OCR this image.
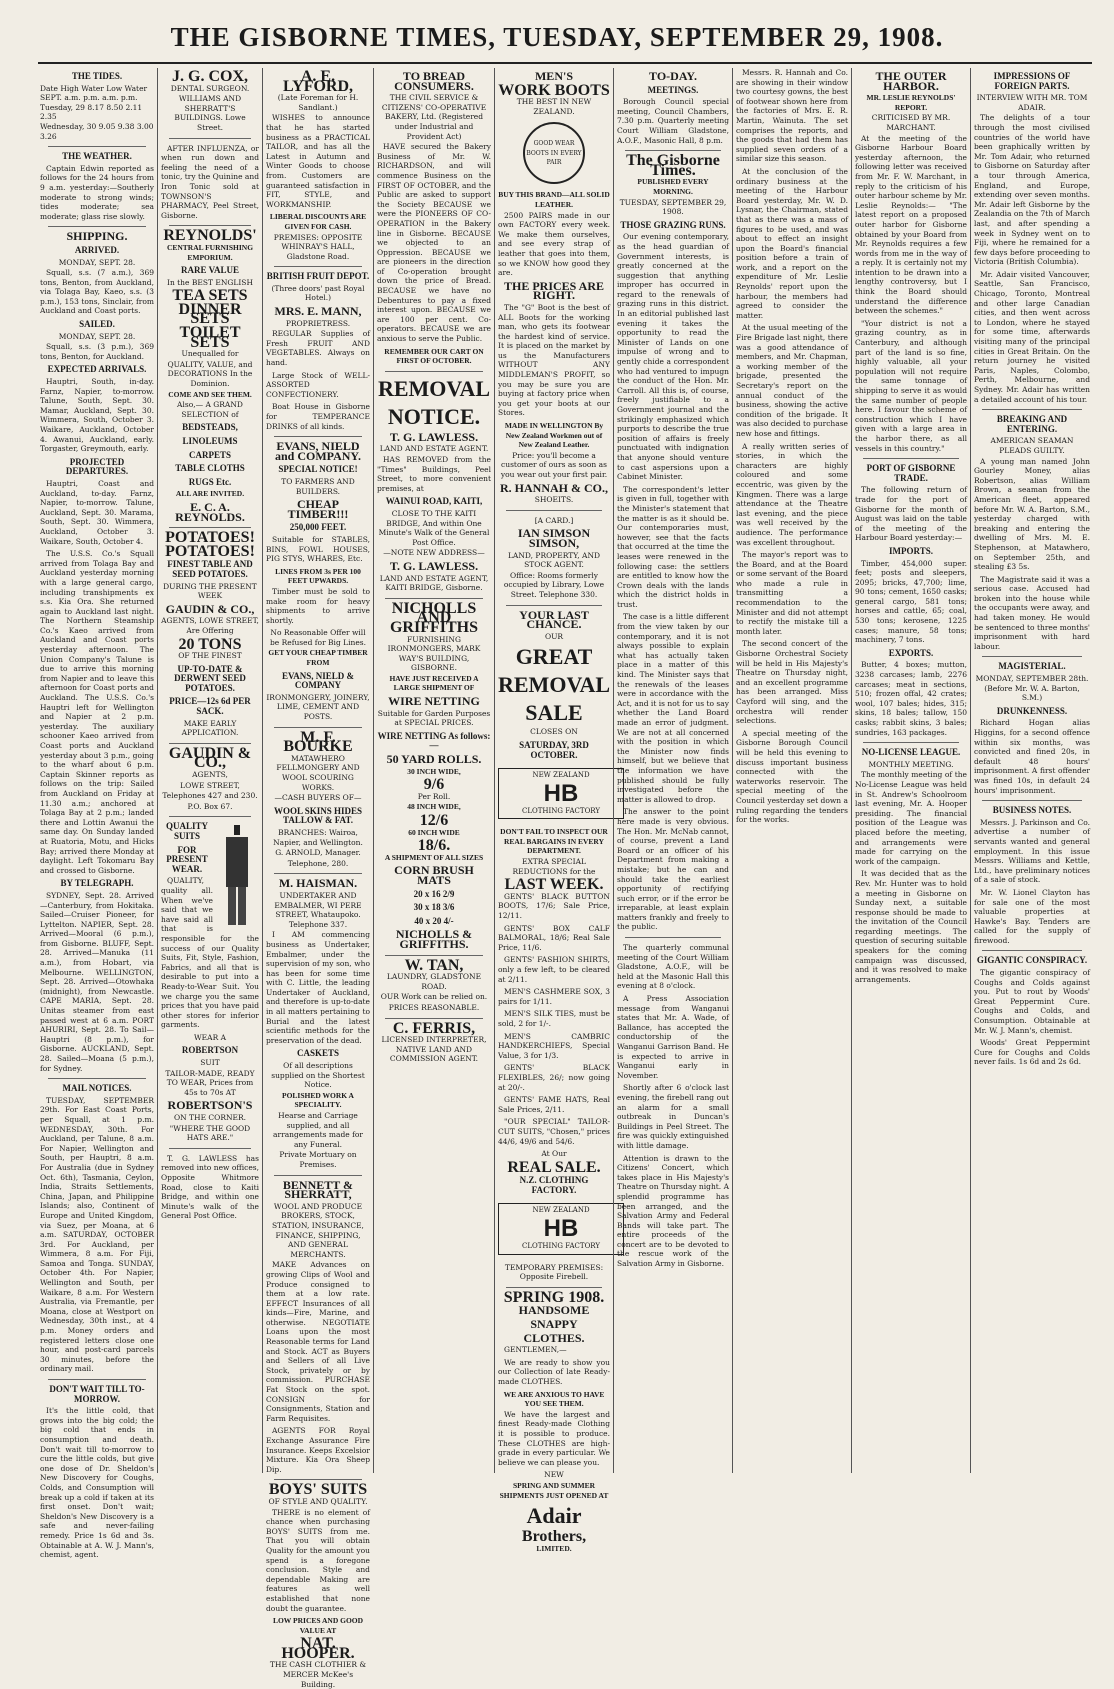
THE GISBORNE TIMES, TUESDAY, SEPTEMBER 29, 1908.
THE TIDES.
Date High Water Low Water
SEPT. a.m. p.m. a.m. p.m.
Tuesday, 29 8.17 8.50 2.11 2.35
Wednesday, 30 9.05 9.38 3.00 3.26
THE WEATHER.
Captain Edwin reported as follows for the 24 hours from 9 a.m. yesterday:—Southerly moderate to strong winds; tides moderate; sea moderate; glass rise slowly.
SHIPPING.
ARRIVED.
MONDAY, SEPT. 28.
Squall, s.s. (7 a.m.), 369 tons, Benton, from Auckland, via Tolaga Bay, Kaeo, s.s. (3 p.m.), 153 tons, Sinclair, from Auckland and Coast ports.
SAILED.
MONDAY, SEPT. 28.
Squall, s.s. (3 p.m.), 369 tons, Benton, for Auckland.
EXPECTED ARRIVALS.
Hauptri, South, in-day. Farnz, Napier, to-morrow. Talune, South, Sept. 30. Mamar, Auckland, Sept. 30. Wimmera, South, October 3. Waikare, Auckland, October 4. Awanui, Auckland, early. Torgaster, Greymouth, early.
PROJECTED DEPARTURES.
Hauptri, Coast and Auckland, to-day. Farnz, Napier, to-morrow. Talune, Auckland, Sept. 30. Marama, South, Sept. 30. Wimmera, Auckland, October 3. Waikare, South, October 4.
The U.S.S. Co.'s Squall arrived from Tolaga Bay and Auckland yesterday morning with a large general cargo, including transhipments ex s.s. Kia Ora. She returned again to Auckland last night. The Northern Steamship Co.'s Kaeo arrived from Auckland and Coast ports yesterday afternoon. The Union Company's Talune is due to arrive this morning from Napier and to leave this afternoon for Coast ports and Auckland. The U.S.S. Co.'s Hauptri left for Wellington and Napier at 2 p.m. yesterday. The auxiliary schooner Kaeo arrived from Coast ports and Auckland yesterday about 3 p.m., going to the wharf about 6 p.m. Captain Skinner reports as follows on the trip: Sailed from Auckland on Friday at 11.30 a.m.; anchored at Tolaga Bay at 2 p.m.; landed there and Lottin Awanui the same day. On Sunday landed at Ruatoria, Motu, and Hicks Bay; arrived there Monday at daylight. Left Tokomaru Bay and crossed to Gisborne.
BY TELEGRAPH.
SYDNEY, Sept. 28. Arrived—Canterbury, from Hokitaka. Sailed—Cruiser Pioneer, for Lyttelton. NAPIER, Sept. 28. Arrived—Mooral (6 p.m.), from Gisborne. BLUFF, Sept. 28. Arrived—Manuka (11 a.m.), from Hobart, via Melbourne. WELLINGTON, Sept. 28. Arrived—Otowhaka (midnight), from Newcastle. CAPE MARIA, Sept. 28. Unitas steamer from east passed west at 6 a.m. PORT AHURIRI, Sept. 28. To Sail—Hauptri (8 p.m.), for Gisborne. AUCKLAND, Sept. 28. Sailed—Moana (5 p.m.), for Sydney.
MAIL NOTICES.
TUESDAY, SEPTEMBER 29th. For East Coast Ports, per Squall, at 1 p.m. WEDNESDAY, 30th. For Auckland, per Talune, 8 a.m. For Napier, Wellington and South, per Hauptri, 8 a.m. For Australia (due in Sydney Oct. 6th), Tasmania, Ceylon, India, Straits Settlements, China, Japan, and Philippine Islands; also, Continent of Europe and United Kingdom, via Suez, per Moana, at 6 a.m. SATURDAY, OCTOBER 3rd. For Auckland, per Wimmera, 8 a.m. For Fiji, Samoa and Tonga. SUNDAY, October 4th. For Napier, Wellington and South, per Waikare, 8 a.m. For Western Australia, via Fremantle, per Moana, close at Westport on Wednesday, 30th inst., at 4 p.m. Money orders and registered letters close one hour, and post-card parcels 30 minutes, before the ordinary mail.
DON'T WAIT TILL TO-MORROW.
It's the little cold, that grows into the big cold; the big cold that ends in consumption and death. Don't wait till to-morrow to cure the little colds, but give one dose of Dr. Sheldon's New Discovery for Coughs, Colds, and Consumption will break up a cold if taken at its first onset. Don't wait; Sheldon's New Discovery is a safe and never-failing remedy. Price 1s 6d and 3s. Obtainable at A. W. J. Mann's, chemist, agent.
J. G. COX,
DENTAL SURGEON.
WILLIAMS AND SHERRATT'S BUILDINGS. Lowe Street.
AFTER INFLUENZA, or when run down and feeling the need of a tonic, try the Quinine and Iron Tonic sold at TOWNSON'S PHARMACY, Peel Street, Gisborne.
REYNOLDS'
CENTRAL FURNISHING EMPORIUM.
RARE VALUE
In the BEST ENGLISH
TEA SETS
DINNER SETS
TOILET SETS
Unequalled for
QUALITY, VALUE, and DECORATIONS In the Dominion.
COME AND SEE THEM.
Also,— A GRAND SELECTION of
BEDSTEADS,
LINOLEUMS
CARPETS
TABLE CLOTHS
RUGS Etc.
ALL ARE INVITED.
E. C. A. REYNOLDS.
POTATOES!
POTATOES!
FINEST TABLE AND SEED POTATOES.
DURING THE PRESENT WEEK
GAUDIN & CO.,
AGENTS, LOWE STREET, Are Offering
20 TONS
OF THE FINEST
UP-TO-DATE & DERWENT SEED POTATOES.
PRICE—12s 6d PER SACK.
MAKE EARLY APPLICATION.
GAUDIN & CO.,
AGENTS,
LOWE STREET,
Telephones 427 and 230.
P.O. Box 67.
QUALITY SUITS
FOR PRESENT WEAR.
QUALITY, quality all. When we've said that we have said all that is responsible for the success of our Quality Suits, Fit, Style, Fashion, Fabrics, and all that is desirable to put into a Ready-to-Wear Suit. You we charge you the same prices that you have paid other stores for inferior garments.
WEAR A
ROBERTSON
SUIT
TAILOR-MADE, READY TO WEAR, Prices from 45s to 70s AT
ROBERTSON'S
ON THE CORNER.
"WHERE THE GOOD HATS ARE."
T. G. LAWLESS has removed into new offices, Opposite Whitmore Road, close to Kaiti Bridge, and within one Minute's walk of the General Post Office.
A. E. LYFORD,
(Late Foreman for H. Sandlant.)
WISHES to announce that he has started business as a PRACTICAL TAILOR, and has all the Latest in Autumn and Winter Goods to choose from. Customers are guaranteed satisfaction in FIT, STYLE, and WORKMANSHIP.
LIBERAL DISCOUNTS ARE GIVEN FOR CASH.
PREMISES: OPPOSITE WHINRAY'S HALL, Gladstone Road.
BRITISH FRUIT DEPOT.
(Three doors' past Royal Hotel.)
MRS. E. MANN,
PROPRIETRESS.
REGULAR Supplies of Fresh FRUIT AND VEGETABLES. Always on hand.
Large Stock of WELL-ASSORTED CONFECTIONERY.
Boat House in Gisborne for TEMPERANCE DRINKS of all kinds.
EVANS, NIELD and COMPANY.
SPECIAL NOTICE!
TO FARMERS AND BUILDERS.
CHEAP TIMBER!!!
250,000 FEET.
Suitable for STABLES, BINS, FOWL HOUSES, PIG STYS, WHARES, Etc.
LINES FROM 3s PER 100 FEET UPWARDS.
Timber must be sold to make room for heavy shipments to arrive shortly.
No Reasonable Offer will be Refused for Big Lines.
GET YOUR CHEAP TIMBER FROM
EVANS, NIELD & COMPANY
IRONMONGERY, JOINERY, LIME, CEMENT AND POSTS.
M. F. BOURKE
MATAWHERO FELLMONGERY AND WOOL SCOURING WORKS.
—CASH BUYERS OF—
WOOL SKINS HIDES TALLOW & FAT.
BRANCHES: Wairoa, Napier, and Wellington.
G. ARNOLD, Manager.
Telephone, 280.
M. HAISMAN.
UNDERTAKER AND EMBALMER, WI PERE STREET, Whataupoko. Telephone 337.
I AM commencing business as Undertaker, Embalmer, under the supervision of my son, who has been for some time with C. Little, the leading Undertaker of Auckland, and therefore is up-to-date in all matters pertaining to Burial and the latest scientific methods for the preservation of the dead.
CASKETS
Of all descriptions supplied on the Shortest Notice.
POLISHED WORK A SPECIALITY.
Hearse and Carriage supplied, and all arrangements made for any Funeral.
Private Mortuary on Premises.
BENNETT & SHERRATT,
WOOL AND PRODUCE BROKERS, STOCK, STATION, INSURANCE, FINANCE, SHIPPING, AND GENERAL MERCHANTS.
MAKE Advances on growing Clips of Wool and Produce consigned to them at a low rate. EFFECT Insurances of all kinds—Fire, Marine, and otherwise. NEGOTIATE Loans upon the most Reasonable terms for Land and Stock. ACT as Buyers and Sellers of all Live Stock, privately or by commission. PURCHASE Fat Stock on the spot. CONSIGN for Consignments, Station and Farm Requisites.
AGENTS FOR Royal Exchange Assurance Fire Insurance. Keeps Excelsior Mixture. Kia Ora Sheep Dip.
BOYS' SUITS
OF STYLE AND QUALITY.
THERE is no element of chance when purchasing BOYS' SUITS from me. That you will obtain Quality for the amount you spend is a foregone conclusion. Style and dependable Making are features as well established that none doubt the guarantee.
LOW PRICES AND GOOD VALUE AT
NAT. HOOPER.
THE CASH CLOTHIER & MERCER McKee's Building.
TO BREAD CONSUMERS.
THE CIVIL SERVICE & CITIZENS' CO-OPERATIVE BAKERY, Ltd. (Registered under Industrial and Provident Act)
HAVE secured the Bakery Business of Mr. W. RICHARDSON, and will commence Business on the FIRST OF OCTOBER, and the Public are asked to support the Society BECAUSE we were the PIONEERS OF CO-OPERATION in the Bakery line in Gisborne. BECAUSE we objected to an Oppression. BECAUSE we are pioneers in the direction of Co-operation brought down the price of Bread. BECAUSE we have no Debentures to pay a fixed interest upon. BECAUSE we are 100 per cent. Co-operators. BECAUSE we are anxious to serve the Public.
REMEMBER OUR CART ON FIRST OF OCTOBER.
REMOVAL
NOTICE.
T. G. LAWLESS.
LAND AND ESTATE AGENT.
HAS REMOVED from the "Times" Buildings, Peel Street, to more convenient premises, at
WAINUI ROAD, KAITI,
CLOSE TO THE KAITI BRIDGE, And within One Minute's Walk of the General Post Office.
—NOTE NEW ADDRESS—
T. G. LAWLESS.
LAND AND ESTATE AGENT, KAITI BRIDGE, Gisborne.
NICHOLLS AND GRIFFITHS
FURNISHING IRONMONGERS, MARK WAY'S BUILDING, GISBORNE.
HAVE JUST RECEIVED A LARGE SHIPMENT OF
WIRE NETTING
Suitable for Garden Purposes at SPECIAL PRICES.
WIRE NETTING As follows:—
50 YARD ROLLS.
30 INCH WIDE,
9/6
Per Roll.
48 INCH WIDE,
12/6
60 INCH WIDE
18/6.
A SHIPMENT OF ALL SIZES
CORN BRUSH MATS
20 x 16 2/9
30 x 18 3/6
40 x 20 4/-
NICHOLLS & GRIFFITHS.
W. TAN,
LAUNDRY, GLADSTONE ROAD.
OUR Work can be relied on.
PRICES REASONABLE.
C. FERRIS,
LICENSED INTERPRETER, NATIVE LAND AND COMMISSION AGENT.
MEN'S
WORK BOOTS
THE BEST IN NEW ZEALAND.
GOOD WEAR BOOTS IN EVERY PAIR
BUY THIS BRAND—ALL SOLID LEATHER.
2500 PAIRS made in our own FACTORY every week. We make them ourselves, and see every strap of leather that goes into them, so we KNOW how good they are.
THE PRICES ARE RIGHT.
The "G" Boot is the best of ALL Boots for the working man, who gets its footwear the hardest kind of service. It is placed on the market by us the Manufacturers WITHOUT ANY MIDDLEMAN'S PROFIT, so you may be sure you are buying at factory price when you get your boots at our Stores.
MADE IN WELLINGTON By New Zealand Workmen out of New Zealand Leather.
Price: you'll become a customer of ours as soon as you wear out your first pair.
R. HANNAH & CO.,
SHOEITS.
[A CARD.]
IAN SIMSON SIMSON,
LAND, PROPERTY, AND STOCK AGENT.
Office: Rooms formerly occupied by Library, Lowe Street. Telephone 330.
YOUR LAST CHANCE.
OUR
GREAT
REMOVAL
SALE
CLOSES ON
SATURDAY, 3RD OCTOBER.
NEW ZEALAND
HB
CLOTHING FACTORY
DON'T FAIL TO INSPECT OUR REAL BARGAINS IN EVERY DEPARTMENT.
EXTRA SPECIAL REDUCTIONS for the
LAST WEEK.
GENTS' BLACK BUTTON BOOTS, 17/6; Sale Price, 12/11.
GENTS' BOX CALF BALMORAL, 18/6; Real Sale Price, 11/6.
GENTS' FASHION SHIRTS, only a few left, to be cleared at 2/11.
MEN'S CASHMERE SOX, 3 pairs for 1/11.
MEN'S SILK TIES, must be sold, 2 for 1/-.
MEN'S CAMBRIC HANDKERCHIEFS, Special Value, 3 for 1/3.
GENTS' BLACK FLEXIBLES, 26/; now going at 20/-.
GENTS' FAME HATS, Real Sale Prices, 2/11.
"OUR SPECIAL" TAILOR-CUT SUITS, "Chosen," prices 44/6, 49/6 and 54/6.
At Our
REAL SALE.
N.Z. CLOTHING FACTORY.
NEW ZEALAND
HB
CLOTHING FACTORY
TEMPORARY PREMISES: Opposite Firebell.
SPRING 1908.
HANDSOME
SNAPPY
CLOTHES.
GENTLEMEN,—
We are ready to show you our Collection of late Ready-made CLOTHES.
WE ARE ANXIOUS TO HAVE YOU SEE THEM.
We have the largest and finest Ready-made Clothing it is possible to produce. These CLOTHES are high-grade in every particular. We believe we can please you.
NEW
SPRING AND SUMMER SHIPMENTS JUST OPENED AT
Adair
Brothers,
LIMITED.
TO-DAY.
MEETINGS.
Borough Council special meeting, Council Chambers, 7.30 p.m. Quarterly meeting Court William Gladstone, A.O.F., Masonic Hall, 8 p.m.
The Gisborne Times.
PUBLISHED EVERY MORNING.
TUESDAY, SEPTEMBER 29, 1908.
THOSE GRAZING RUNS.
Our evening contemporary, as the head guardian of Government interests, is greatly concerned at the suggestion that anything improper has occurred in regard to the renewals of grazing runs in this district. In an editorial published last evening it takes the opportunity to read the Minister of Lands on one impulse of wrong and to gently chide a correspondent who had ventured to impugn the conduct of the Hon. Mr. Carroll. All this is, of course, freely justifiable to a Government journal and the strikingly emphasized which purports to describe the true position of affairs is freely punctuated with indignation that anyone should venture to cast aspersions upon a Cabinet Minister.
The correspondent's letter is given in full, together with the Minister's statement that the matter is as it should be. Our contemporaries must, however, see that the facts that occurred at the time the leases were renewed in the following case: the settlers are entitled to know how the Crown deals with the lands which the district holds in trust.
The case is a little different from the view taken by our contemporary, and it is not always possible to explain what has actually taken place in a matter of this kind. The Minister says that the renewals of the leases were in accordance with the Act, and it is not for us to say whether the Land Board made an error of judgment. We are not at all concerned with the position in which the Minister now finds himself, but we believe that the information we have published should be fully investigated before the matter is allowed to drop.
The answer to the point here made is very obvious. The Hon. Mr. McNab cannot, of course, prevent a Land Board or an officer of his Department from making a mistake; but he can and should take the earliest opportunity of rectifying such error, or if the error be irreparable, at least explain matters frankly and freely to the public.
The quarterly communal meeting of the Court William Gladstone, A.O.F., will be held at the Masonic Hall this evening at 8 o'clock.
A Press Association message from Wanganui states that Mr. A. Wade, of Ballance, has accepted the conductorship of the Wanganui Garrison Band. He is expected to arrive in Wanganui early in November.
Shortly after 6 o'clock last evening, the firebell rang out an alarm for a small outbreak in Duncan's Buildings in Peel Street. The fire was quickly extinguished with little damage.
Attention is drawn to the Citizens' Concert, which takes place in His Majesty's Theatre on Thursday night. A splendid programme has been arranged, and the Salvation Army and Federal Bands will take part. The entire proceeds of the concert are to be devoted to the rescue work of the Salvation Army in Gisborne.
Messrs. R. Hannah and Co. are showing in their window two courtesy gowns, the best of footwear shown here from the factories of Mrs. E. R. Martin, Wainuta. The set comprises the reports, and the goods that had them has supplied seven orders of a similar size this season.
At the conclusion of the ordinary business at the meeting of the Harbour Board yesterday, Mr. W. D. Lysnar, the Chairman, stated that as there was a mass of figures to be used, and was about to effect an insight upon the Board's financial position before a train of work, and a report on the expenditure of Mr. Leslie Reynolds' report upon the harbour, the members had agreed to consider the matter.
At the usual meeting of the Fire Brigade last night, there was a good attendance of members, and Mr. Chapman, a working member of the brigade, presented the Secretary's report on the annual conduct of the business, showing the active condition of the brigade. It was also decided to purchase new hose and fittings.
A really written series of stories, in which the characters are highly coloured and some eccentric, was given by the Kingmen. There was a large attendance at the Theatre last evening, and the piece was well received by the audience. The performance was excellent throughout.
The mayor's report was to the Board, and at the Board or some servant of the Board who made a rule in transmitting a recommendation to the Minister and did not attempt to rectify the mistake till a month later.
The second concert of the Gisborne Orchestral Society will be held in His Majesty's Theatre on Thursday night, and an excellent programme has been arranged. Miss Cayford will sing, and the orchestra will render selections.
A special meeting of the Gisborne Borough Council will be held this evening to discuss important business connected with the waterworks reservoir. The special meeting of the Council yesterday set down a ruling regarding the tenders for the works.
THE OUTER HARBOR.
MR. LESLIE REYNOLDS' REPORT.
CRITICISED BY MR. MARCHANT.
At the meeting of the Gisborne Harbour Board yesterday afternoon, the following letter was received from Mr. F. W. Marchant, in reply to the criticism of his outer harbour scheme by Mr. Leslie Reynolds:— "The latest report on a proposed outer harbor for Gisborne obtained by your Board from Mr. Reynolds requires a few words from me in the way of a reply. It is certainly not my intention to be drawn into a lengthy controversy, but I think the Board should understand the difference between the schemes."
"Your district is not a grazing country, as in Canterbury, and although part of the land is so fine, highly valuable, all your population will not require the same tonnage of shipping to serve it as would the same number of people here. I favour the scheme of construction which I have given with a large area in the harbor there, as all vessels in this country."
PORT OF GISBORNE TRADE.
The following return of trade for the port of Gisborne for the month of August was laid on the table of the meeting of the Harbour Board yesterday:—
IMPORTS.
Timber, 454,000 super. feet; posts and sleepers, 2095; bricks, 47,700; lime, 90 tons; cement, 1650 casks; general cargo, 581 tons; horses and cattle, 65; coal, 530 tons; kerosene, 1225 cases; manure, 58 tons; machinery, 7 tons.
EXPORTS.
Butter, 4 boxes; mutton, 3238 carcases; lamb, 2276 carcases; meat in sections, 510; frozen offal, 42 crates; wool, 107 bales; hides, 315; skins, 18 bales; tallow, 150 casks; rabbit skins, 3 bales; sundries, 163 packages.
NO-LICENSE LEAGUE.
MONTHLY MEETING.
The monthly meeting of the No-License League was held in St. Andrew's Schoolroom last evening, Mr. A. Hooper presiding. The financial position of the League was placed before the meeting, and arrangements were made for carrying on the work of the campaign.
It was decided that as the Rev. Mr. Hunter was to hold a meeting in Gisborne on Sunday next, a suitable response should be made to the invitation of the Council regarding meetings. The question of securing suitable speakers for the coming campaign was discussed, and it was resolved to make arrangements.
IMPRESSIONS OF FOREIGN PARTS.
INTERVIEW WITH MR. TOM ADAIR.
The delights of a tour through the most civilised countries of the world have been graphically written by Mr. Tom Adair, who returned to Gisborne on Saturday after a tour through America, England, and Europe, extending over seven months. Mr. Adair left Gisborne by the Zealandia on the 7th of March last, and after spending a week in Sydney went on to Fiji, where he remained for a few days before proceeding to Victoria (British Columbia).
Mr. Adair visited Vancouver, Seattle, San Francisco, Chicago, Toronto, Montreal and other large Canadian cities, and then went across to London, where he stayed for some time, afterwards visiting many of the principal cities in Great Britain. On the return journey he visited Paris, Naples, Colombo, Perth, Melbourne, and Sydney. Mr. Adair has written a detailed account of his tour.
BREAKING AND ENTERING.
AMERICAN SEAMAN PLEADS GUILTY.
A young man named John Gourley Money, alias Robertson, alias William Brown, a seaman from the American fleet, appeared before Mr. W. A. Barton, S.M., yesterday charged with breaking and entering the dwelling of Mrs. M. E. Stephenson, at Matawhero, on September 25th, and stealing £3 5s.
The Magistrate said it was a serious case. Accused had broken into the house while the occupants were away, and had taken money. He would be sentenced to three months' imprisonment with hard labour.
MAGISTERIAL.
MONDAY, SEPTEMBER 28th. (Before Mr. W. A. Barton, S.M.)
DRUNKENNESS.
Richard Hogan alias Higgins, for a second offence within six months, was convicted and fined 20s, in default 48 hours' imprisonment. A first offender was fined 10s, in default 24 hours' imprisonment.
BUSINESS NOTES.
Messrs. J. Parkinson and Co. advertise a number of servants wanted and general employment. In this issue Messrs. Williams and Kettle, Ltd., have preliminary notices of a sale of stock.
Mr. W. Lionel Clayton has for sale one of the most valuable properties at Hawke's Bay. Tenders are called for the supply of firewood.
GIGANTIC CONSPIRACY.
The gigantic conspiracy of Coughs and Colds against you. Put to rout by Woods' Great Peppermint Cure. Coughs and Colds, and Consumption. Obtainable at Mr. W. J. Mann's, chemist.
Woods' Great Peppermint Cure for Coughs and Colds never fails. 1s 6d and 2s 6d.
